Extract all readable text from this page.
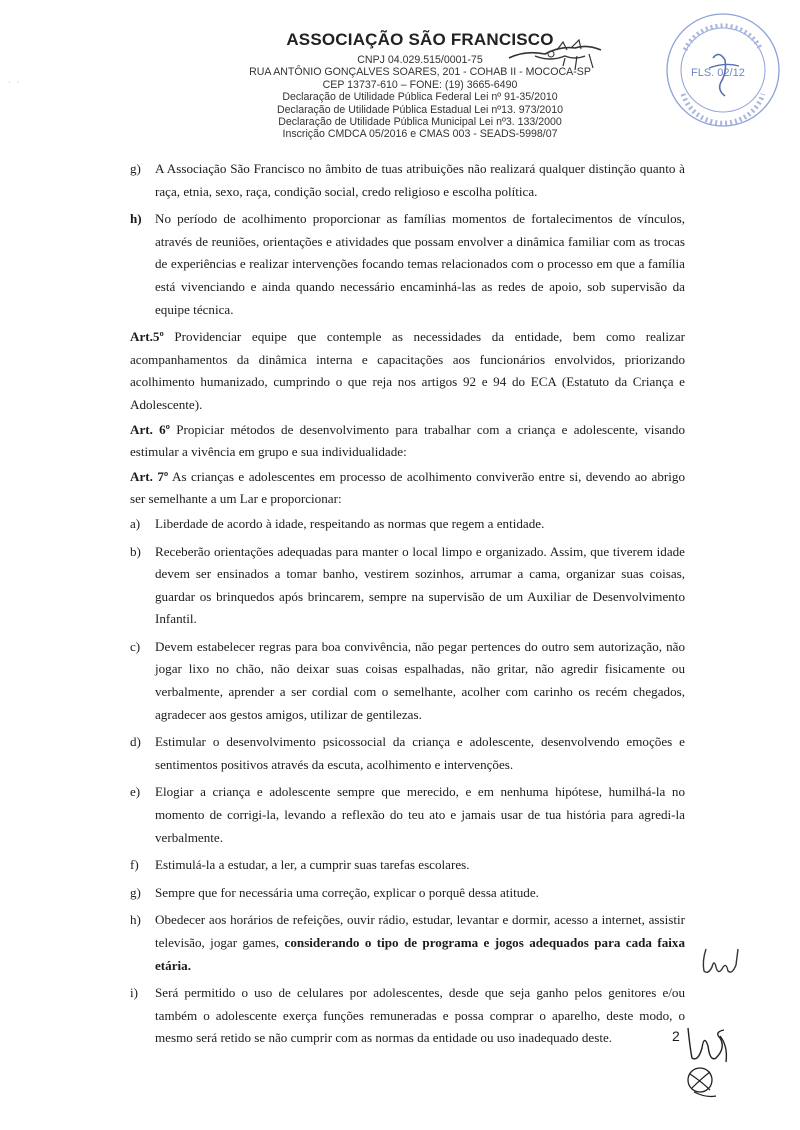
· ·
ASSOCIAÇÃO SÃO FRANCISCO
CNPJ 04.029.515/0001-75
RUA ANTÔNIO GONÇALVES SOARES, 201 - COHAB II - MOCOCA-SP
CEP 13737-610 – FONE: (19) 3665-6490
Declaração de Utilidade Pública Federal Lei nº 91-35/2010
Declaração de Utilidade Pública Estadual Lei nº13. 973/2010
Declaração de Utilidade Pública Municipal Lei nº3. 133/2000
Inscrição CMDCA 05/2016 e CMAS 003 - SEADS-5998/07
FLS. 02/12
g) A Associação São Francisco no âmbito de tuas atribuições não realizará qualquer distinção quanto à raça, etnia, sexo, raça, condição social, credo religioso e escolha política.
h) No período de acolhimento proporcionar as famílias momentos de fortalecimentos de vínculos, através de reuniões, orientações e atividades que possam envolver a dinâmica familiar com as trocas de experiências e realizar intervenções focando temas relacionados com o processo em que a família está vivenciando e ainda quando necessário encaminhá-las as redes de apoio, sob supervisão da equipe técnica.
Art.5º Providenciar equipe que contemple as necessidades da entidade, bem como realizar acompanhamentos da dinâmica interna e capacitações aos funcionários envolvidos, priorizando acolhimento humanizado, cumprindo o que reja nos artigos 92 e 94 do ECA (Estatuto da Criança e Adolescente).
Art. 6º Propiciar métodos de desenvolvimento para trabalhar com a criança e adolescente, visando estimular a vivência em grupo e sua individualidade:
Art. 7º As crianças e adolescentes em processo de acolhimento conviverão entre si, devendo ao abrigo ser semelhante a um Lar e proporcionar:
a) Liberdade de acordo à idade, respeitando as normas que regem a entidade.
b) Receberão orientações adequadas para manter o local limpo e organizado. Assim, que tiverem idade devem ser ensinados a tomar banho, vestirem sozinhos, arrumar a cama, organizar suas coisas, guardar os brinquedos após brincarem, sempre na supervisão de um Auxiliar de Desenvolvimento Infantil.
c) Devem estabelecer regras para boa convivência, não pegar pertences do outro sem autorização, não jogar lixo no chão, não deixar suas coisas espalhadas, não gritar, não agredir fisicamente ou verbalmente, aprender a ser cordial com o semelhante, acolher com carinho os recém chegados, agradecer aos gestos amigos, utilizar de gentilezas.
d) Estimular o desenvolvimento psicossocial da criança e adolescente, desenvolvendo emoções e sentimentos positivos através da escuta, acolhimento e intervenções.
e) Elogiar a criança e adolescente sempre que merecido, e em nenhuma hipótese, humilhá-la no momento de corrigi-la, levando a reflexão do teu ato e jamais usar de tua história para agredi-la verbalmente.
f) Estimulá-la a estudar, a ler, a cumprir suas tarefas escolares.
g) Sempre que for necessária uma correção, explicar o porquê dessa atitude.
h) Obedecer aos horários de refeições, ouvir rádio, estudar, levantar e dormir, acesso a internet, assistir televisão, jogar games, considerando o tipo de programa e jogos adequados para cada faixa etária.
i) Será permitido o uso de celulares por adolescentes, desde que seja ganho pelos genitores e/ou também o adolescente exerça funções remuneradas e possa comprar o aparelho, deste modo, o mesmo será retido se não cumprir com as normas da entidade ou uso inadequado deste.	2
